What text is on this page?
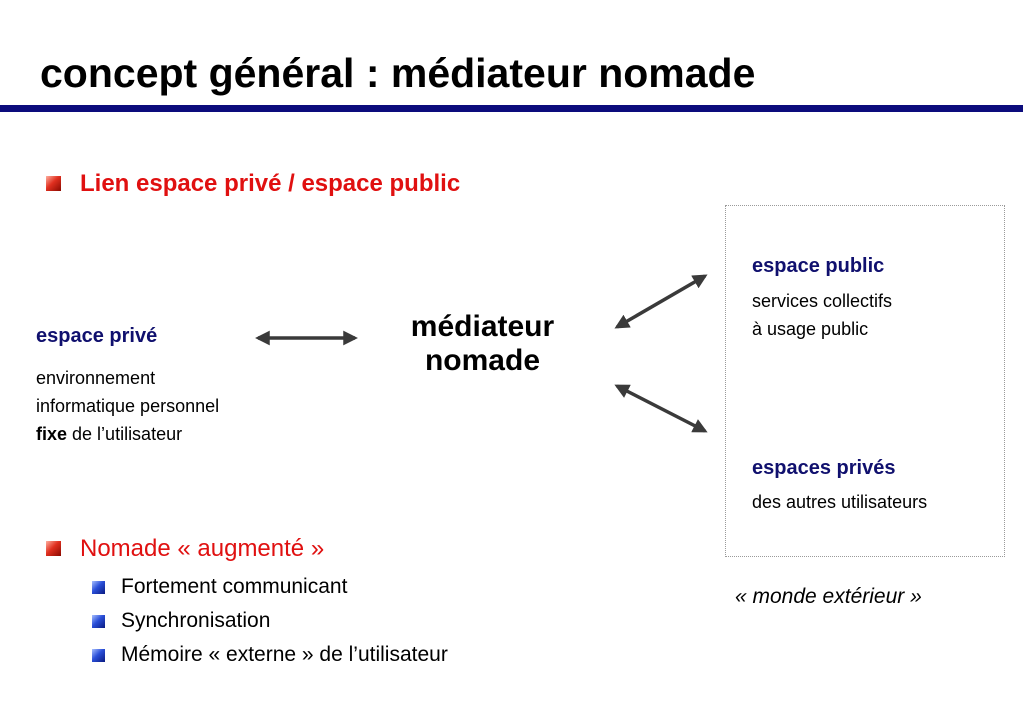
concept général : médiateur nomade
Lien espace privé / espace public
espace privé
environnement
informatique personnel
fixe de l’utilisateur
médiateur
nomade
espace public
services collectifs
à usage public
espaces privés
des autres utilisateurs
« monde extérieur »
Nomade « augmenté »
Fortement communicant
Synchronisation
Mémoire « externe » de l’utilisateur
